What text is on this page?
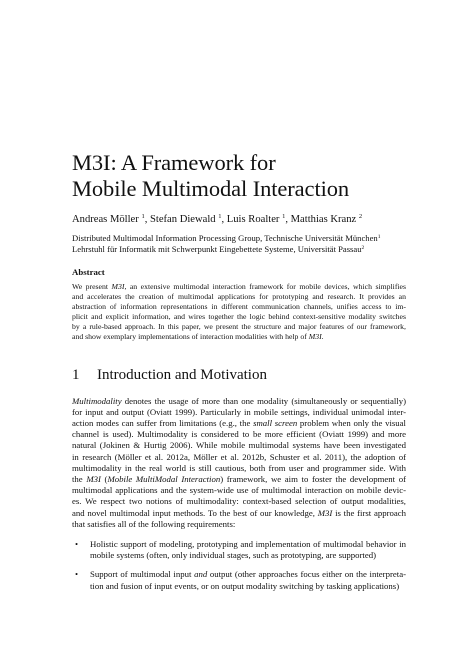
M3I: A Framework for
Mobile Multimodal Interaction
Andreas Möller $^1$, Stefan Diewald $^1$, Luis Roalter $^1$, Matthias Kranz $^2$
Distributed Multimodal Information Processing Group, Technische Universität München$^1$
Lehrstuhl für Informatik mit Schwerpunkt Eingebettete Systeme, Universität Passau$^2$
Abstract
We present M3I, an extensive multimodal interaction framework for mobile devices, which simplifies
and accelerates the creation of multimodal applications for prototyping and research. It provides an
abstraction of information representations in different communication channels, unifies access to im-
plicit and explicit information, and wires together the logic behind context-sensitive modality switches
by a rule-based approach. In this paper, we present the structure and major features of our framework,
and show exemplary implementations of interaction modalities with help of M3I.
1 Introduction and Motivation
Multimodality denotes the usage of more than one modality (simultaneously or sequentially)
for input and output (Oviatt 1999). Particularly in mobile settings, individual unimodal inter-
action modes can suffer from limitations (e.g., the small screen problem when only the visual
channel is used). Multimodality is considered to be more efficient (Oviatt 1999) and more
natural (Jokinen & Hurtig 2006). While mobile multimodal systems have been investigated
in research (Möller et al. 2012a, Möller et al. 2012b, Schuster et al. 2011), the adoption of
multimodality in the real world is still cautious, both from user and programmer side. With
the M3I (Mobile MultiModal Interaction) framework, we aim to foster the development of
multimodal applications and the system-wide use of multimodal interaction on mobile devic-
es. We respect two notions of multimodality: context-based selection of output modalities,
and novel multimodal input methods. To the best of our knowledge, M3I is the first approach
that satisfies all of the following requirements:
• Holistic support of modeling, prototyping and implementation of multimodal behavior in
mobile systems (often, only individual stages, such as prototyping, are supported)
• Support of multimodal input and output (other approaches focus either on the interpreta-
tion and fusion of input events, or on output modality switching by tasking applications)
